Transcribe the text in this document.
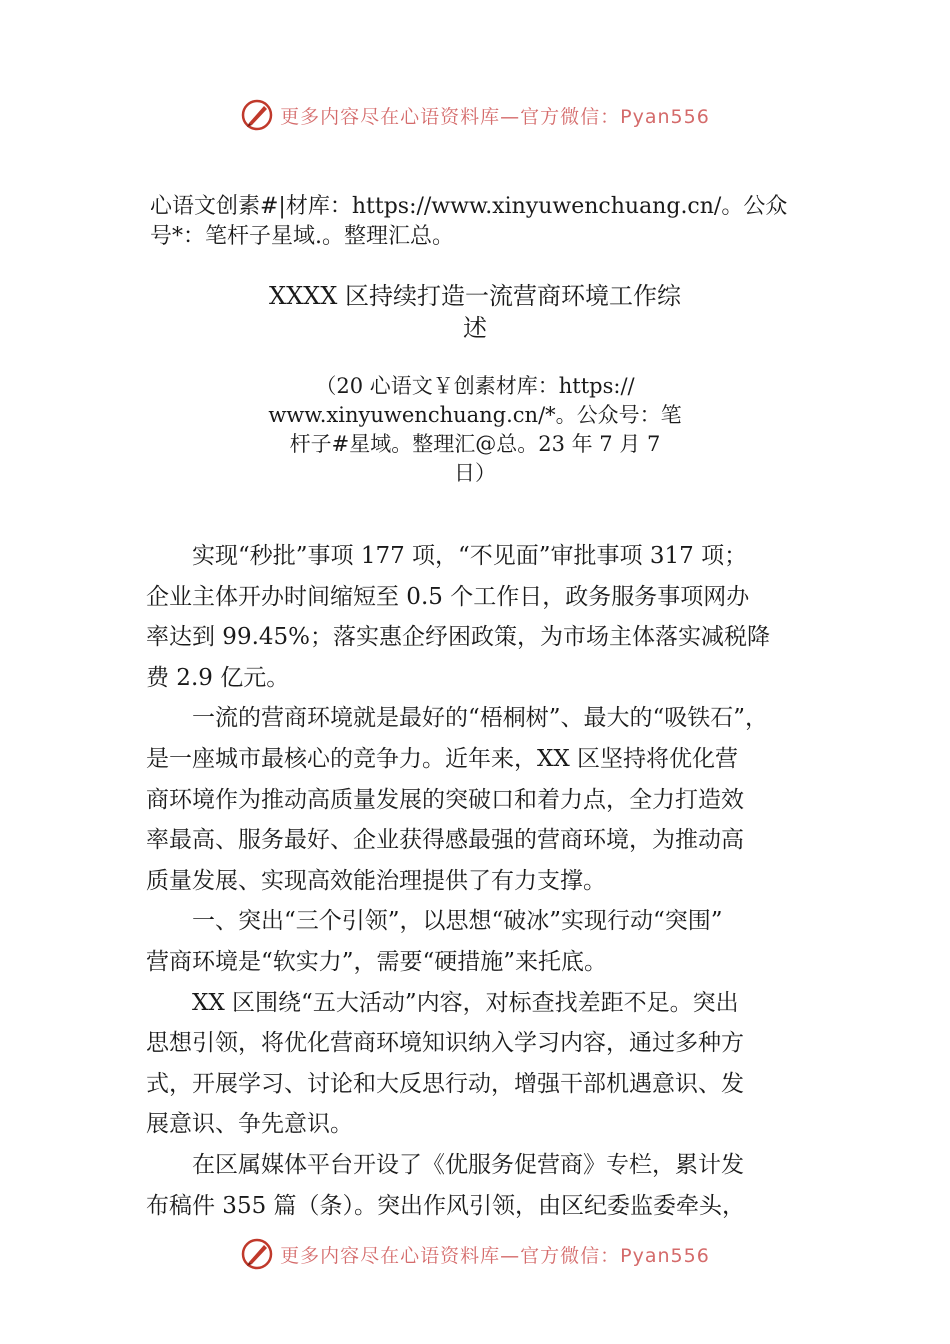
更多内容尽在心语资料库—官方微信：Pyan556
心语文创素#|材库：https://www.xinyuwenchuang.cn/。公众
号*：笔杆子星域.。整理汇总。
XXXX 区持续打造一流营商环境工作综
述
（20 心语文￥创素材库：https://
www.xinyuwenchuang.cn/*。公众号：笔
杆子#星域。整理汇@总。23 年 7 月 7
日）

　　实现“秒批”事项 177 项，“不见面”审批事项 317 项；

企业主体开办时间缩短至 0.5 个工作日，政务服务事项网办

率达到 99.45%；落实惠企纾困政策，为市场主体落实减税降

费 2.9 亿元。

　　一流的营商环境就是最好的“梧桐树”、最大的“吸铁石”，

是一座城市最核心的竞争力。近年来，XX 区坚持将优化营

商环境作为推动高质量发展的突破口和着力点，全力打造效

率最高、服务最好、企业获得感最强的营商环境，为推动高

质量发展、实现高效能治理提供了有力支撑。

　　一、突出“三个引领”，以思想“破冰”实现行动“突围”

营商环境是“软实力”，需要“硬措施”来托底。

　　XX 区围绕“五大活动”内容，对标查找差距不足。突出

思想引领，将优化营商环境知识纳入学习内容，通过多种方

式，开展学习、讨论和大反思行动，增强干部机遇意识、发

展意识、争先意识。

　　在区属媒体平台开设了《优服务促营商》专栏，累计发

布稿件 355 篇（条）。突出作风引领，由区纪委监委牵头，

更多内容尽在心语资料库—官方微信：Pyan556
